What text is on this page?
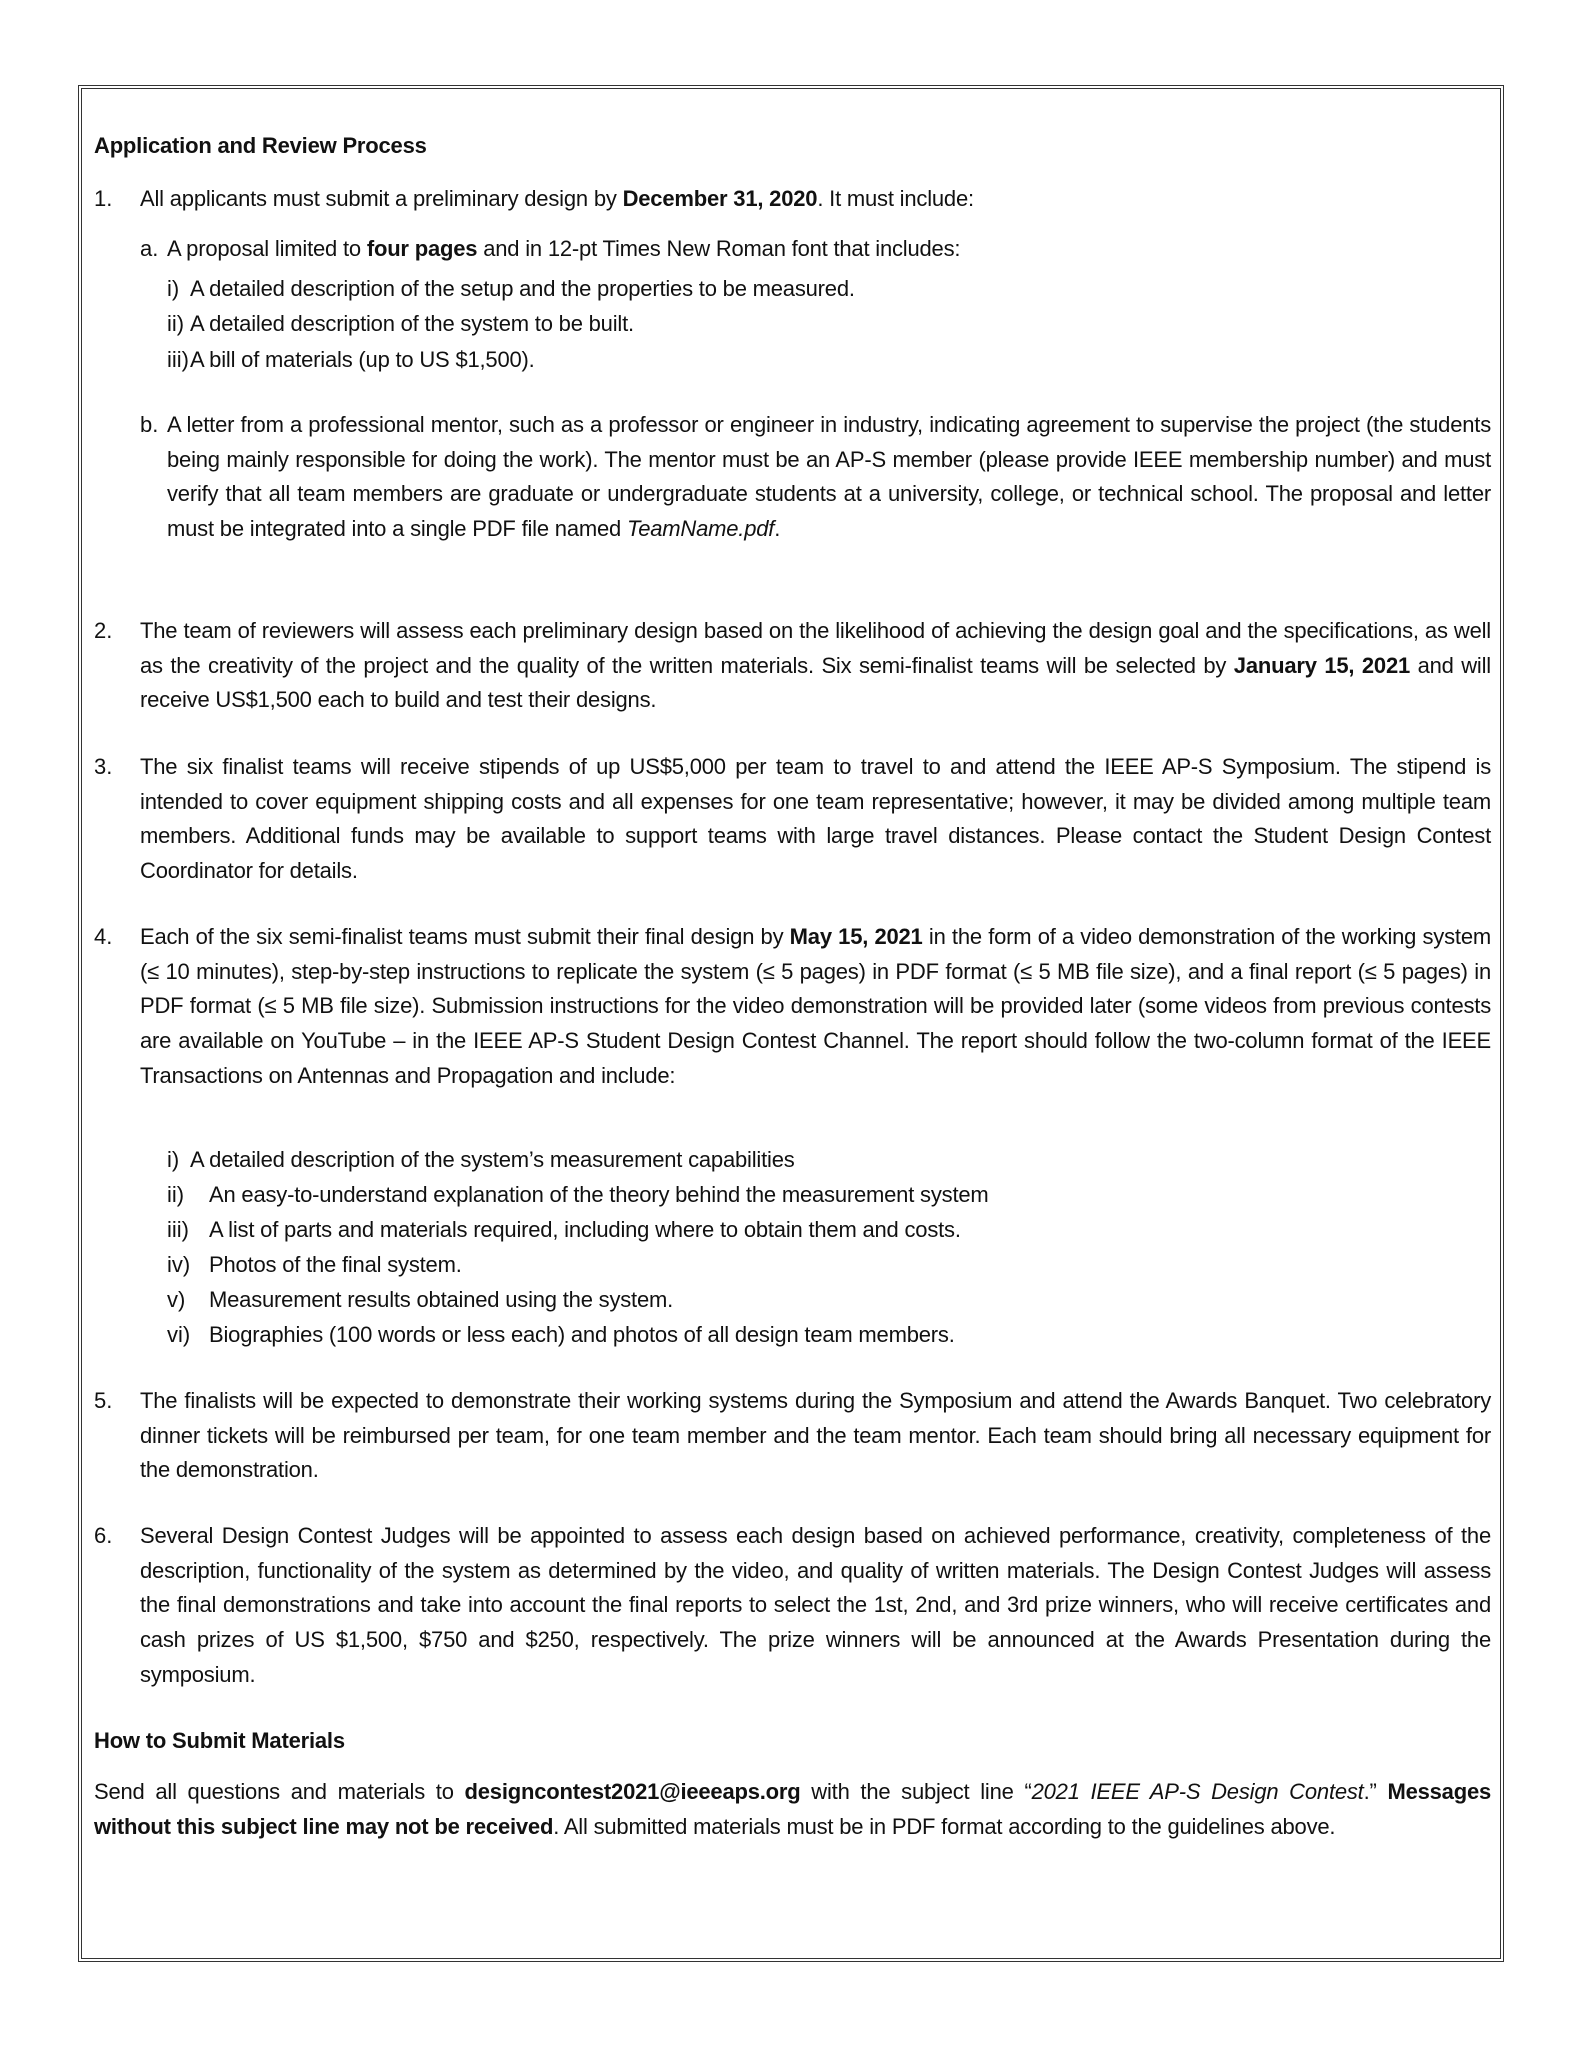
Application and Review Process
1. All applicants must submit a preliminary design by December 31, 2020. It must include:
a. A proposal limited to four pages and in 12-pt Times New Roman font that includes:
i) A detailed description of the setup and the properties to be measured.
ii) A detailed description of the system to be built.
iii) A bill of materials (up to US $1,500).
b. A letter from a professional mentor, such as a professor or engineer in industry, indicating agreement to supervise the project (the students being mainly responsible for doing the work). The mentor must be an AP-S member (please provide IEEE membership number) and must verify that all team members are graduate or undergraduate students at a university, college, or technical school. The proposal and letter must be integrated into a single PDF file named TeamName.pdf.
2. The team of reviewers will assess each preliminary design based on the likelihood of achieving the design goal and the specifications, as well as the creativity of the project and the quality of the written materials. Six semi-finalist teams will be selected by January 15, 2021 and will receive US$1,500 each to build and test their designs.
3. The six finalist teams will receive stipends of up US$5,000 per team to travel to and attend the IEEE AP-S Symposium. The stipend is intended to cover equipment shipping costs and all expenses for one team representative; however, it may be divided among multiple team members. Additional funds may be available to support teams with large travel distances. Please contact the Student Design Contest Coordinator for details.
4. Each of the six semi-finalist teams must submit their final design by May 15, 2021 in the form of a video demonstration of the working system (≤ 10 minutes), step-by-step instructions to replicate the system (≤ 5 pages) in PDF format (≤ 5 MB file size), and a final report (≤ 5 pages) in PDF format (≤ 5 MB file size). Submission instructions for the video demonstration will be provided later (some videos from previous contests are available on YouTube – in the IEEE AP-S Student Design Contest Channel. The report should follow the two-column format of the IEEE Transactions on Antennas and Propagation and include:
i) A detailed description of the system’s measurement capabilities
ii) An easy-to-understand explanation of the theory behind the measurement system
iii) A list of parts and materials required, including where to obtain them and costs.
iv) Photos of the final system.
v) Measurement results obtained using the system.
vi) Biographies (100 words or less each) and photos of all design team members.
5. The finalists will be expected to demonstrate their working systems during the Symposium and attend the Awards Banquet. Two celebratory dinner tickets will be reimbursed per team, for one team member and the team mentor. Each team should bring all necessary equipment for the demonstration.
6. Several Design Contest Judges will be appointed to assess each design based on achieved performance, creativity, completeness of the description, functionality of the system as determined by the video, and quality of written materials. The Design Contest Judges will assess the final demonstrations and take into account the final reports to select the 1st, 2nd, and 3rd prize winners, who will receive certificates and cash prizes of US $1,500, $750 and $250, respectively. The prize winners will be announced at the Awards Presentation during the symposium.
How to Submit Materials
Send all questions and materials to designcontest2021@ieeeaps.org with the subject line “2021 IEEE AP-S Design Contest.” Messages without this subject line may not be received. All submitted materials must be in PDF format according to the guidelines above.
